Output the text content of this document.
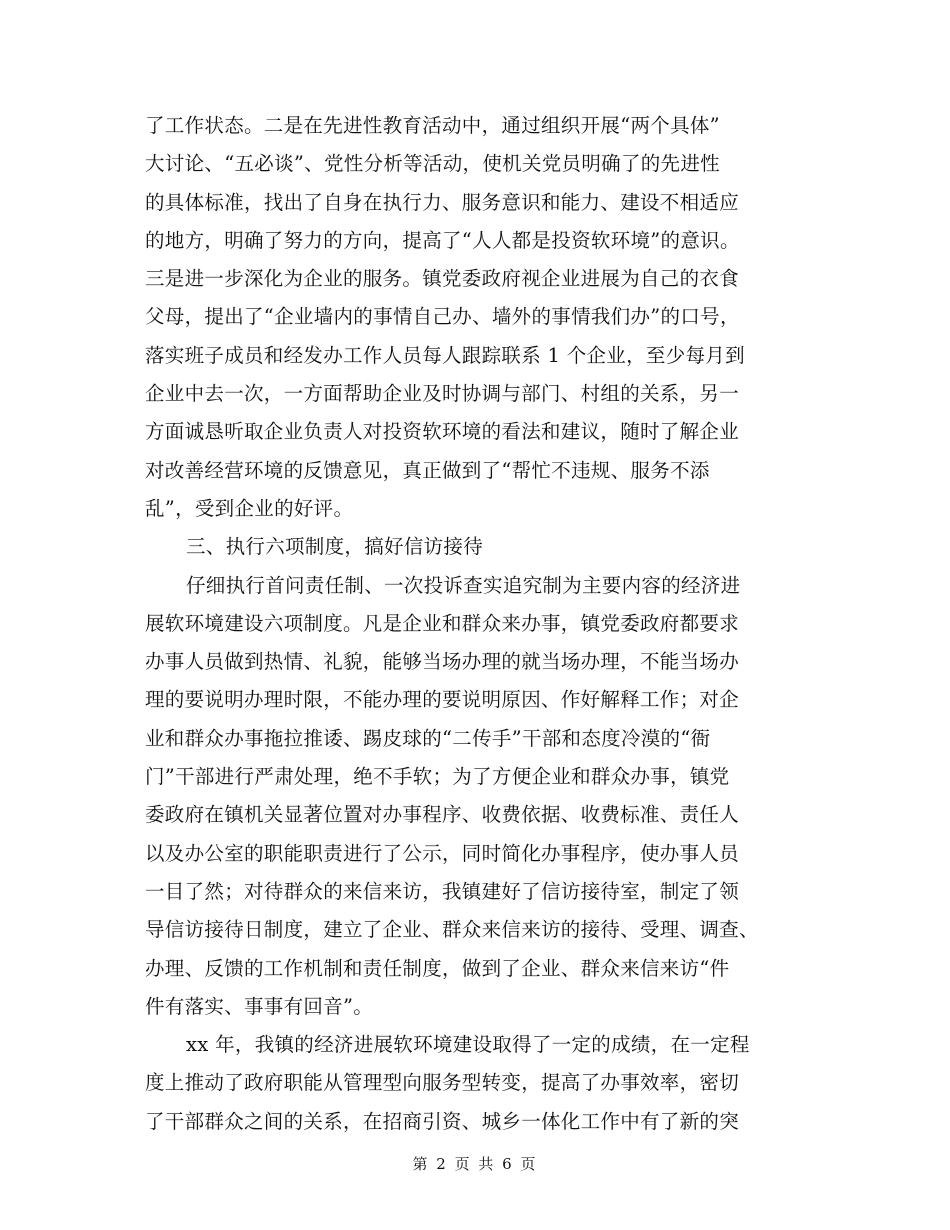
了工作状态。二是在先进性教育活动中，通过组织开展“两个具体”
大讨论、“五必谈”、党性分析等活动，使机关党员明确了的先进性
的具体标准，找出了自身在执行力、服务意识和能力、建设不相适应
的地方，明确了努力的方向，提高了“人人都是投资软环境”的意识。
三是进一步深化为企业的服务。镇党委政府视企业进展为自己的衣食
父母，提出了“企业墙内的事情自己办、墙外的事情我们办”的口号，
落实班子成员和经发办工作人员每人跟踪联系 1 个企业，至少每月到
企业中去一次，一方面帮助企业及时协调与部门、村组的关系，另一
方面诚恳听取企业负责人对投资软环境的看法和建议，随时了解企业
对改善经营环境的反馈意见，真正做到了“帮忙不违规、服务不添
乱”，受到企业的好评。
三、执行六项制度，搞好信访接待
仔细执行首问责任制、一次投诉查实追究制为主要内容的经济进
展软环境建设六项制度。凡是企业和群众来办事，镇党委政府都要求
办事人员做到热情、礼貌，能够当场办理的就当场办理，不能当场办
理的要说明办理时限，不能办理的要说明原因、作好解释工作；对企
业和群众办事拖拉推诿、踢皮球的“二传手”干部和态度冷漠的“衙
门”干部进行严肃处理，绝不手软；为了方便企业和群众办事，镇党
委政府在镇机关显著位置对办事程序、收费依据、收费标准、责任人
以及办公室的职能职责进行了公示，同时简化办事程序，使办事人员
一目了然；对待群众的来信来访，我镇建好了信访接待室，制定了领
导信访接待日制度，建立了企业、群众来信来访的接待、受理、调查、
办理、反馈的工作机制和责任制度，做到了企业、群众来信来访“件
件有落实、事事有回音”。
xx 年，我镇的经济进展软环境建设取得了一定的成绩，在一定程
度上推动了政府职能从管理型向服务型转变，提高了办事效率，密切
了干部群众之间的关系，在招商引资、城乡一体化工作中有了新的突
第 2 页 共 6 页
